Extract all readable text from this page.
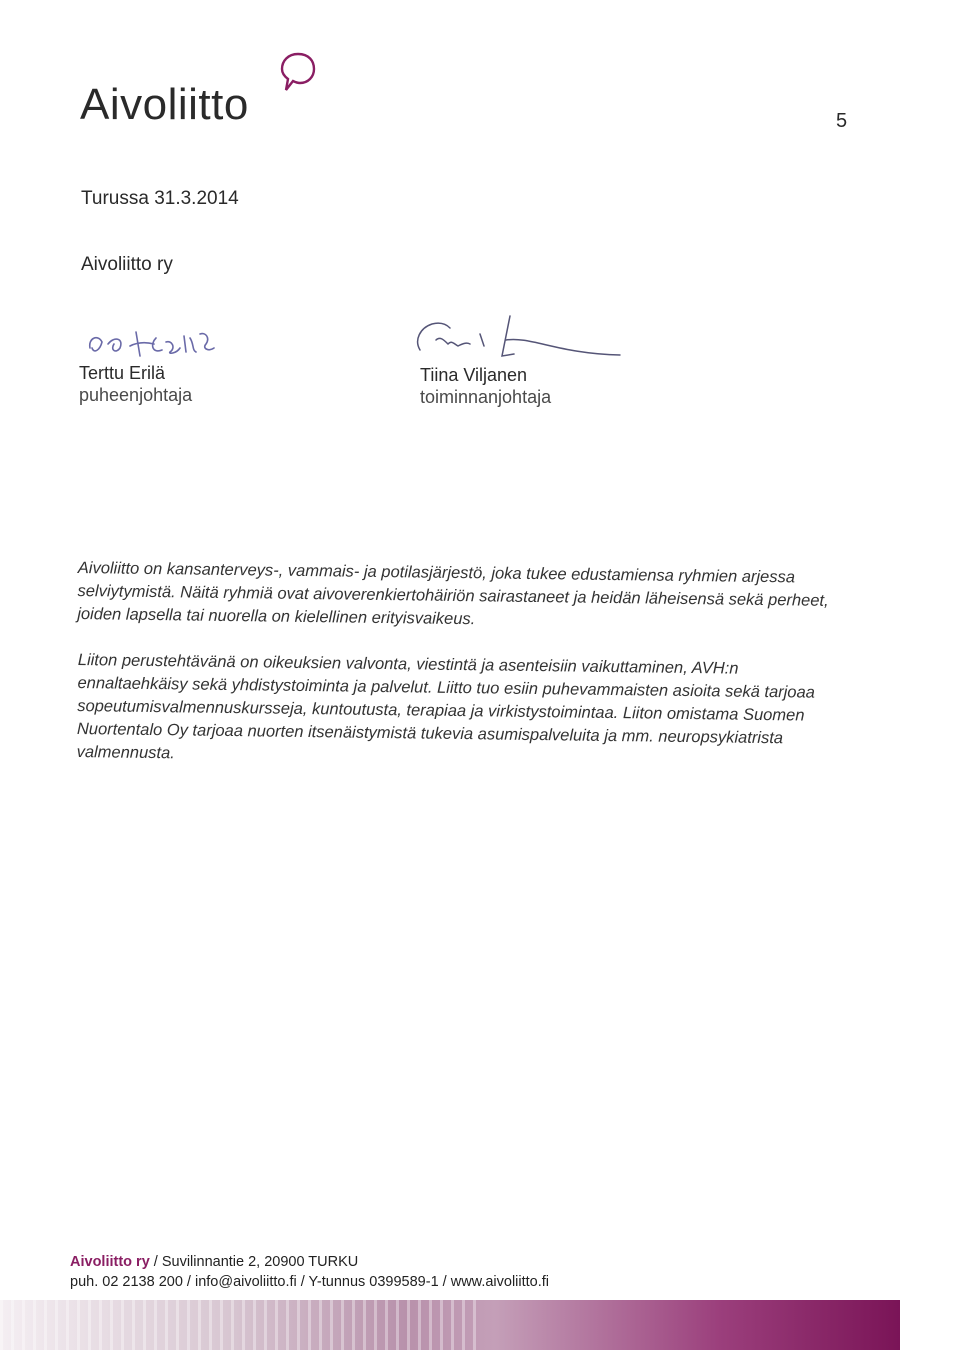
Aivoliitto	5
Turussa 31.3.2014
Aivoliitto ry
Terttu Erilä
puheenjohtaja
Tiina Viljanen
toiminnanjohtaja

Aivoliitto on kansanterveys-, vammais- ja potilasjärjestö, joka tukee edustamiensa ryhmien arjessa selviytymistä. Näitä ryhmiä ovat aivoverenkiertohäiriön sairastaneet ja heidän läheisensä sekä perheet, joiden lapsella tai nuorella on kielellinen erityisvaikeus.

Liiton perustehtävänä on oikeuksien valvonta, viestintä ja asenteisiin vaikuttaminen, AVH:n ennaltaehkäisy sekä yhdistystoiminta ja palvelut. Liitto tuo esiin puhevammaisten asioita sekä tarjoaa sopeutumisvalmennuskursseja, kuntoutusta, terapiaa ja virkistystoimintaa. Liiton omistama Suomen Nuortentalo Oy tarjoaa nuorten itsenäistymistä tukevia asumispalveluita ja mm. neuropsykiatrista valmennusta.

Aivoliitto ry / Suvilinnantie 2, 20900 TURKU
puh. 02 2138 200 / info@aivoliitto.fi / Y-tunnus 0399589-1 / www.aivoliitto.fi
